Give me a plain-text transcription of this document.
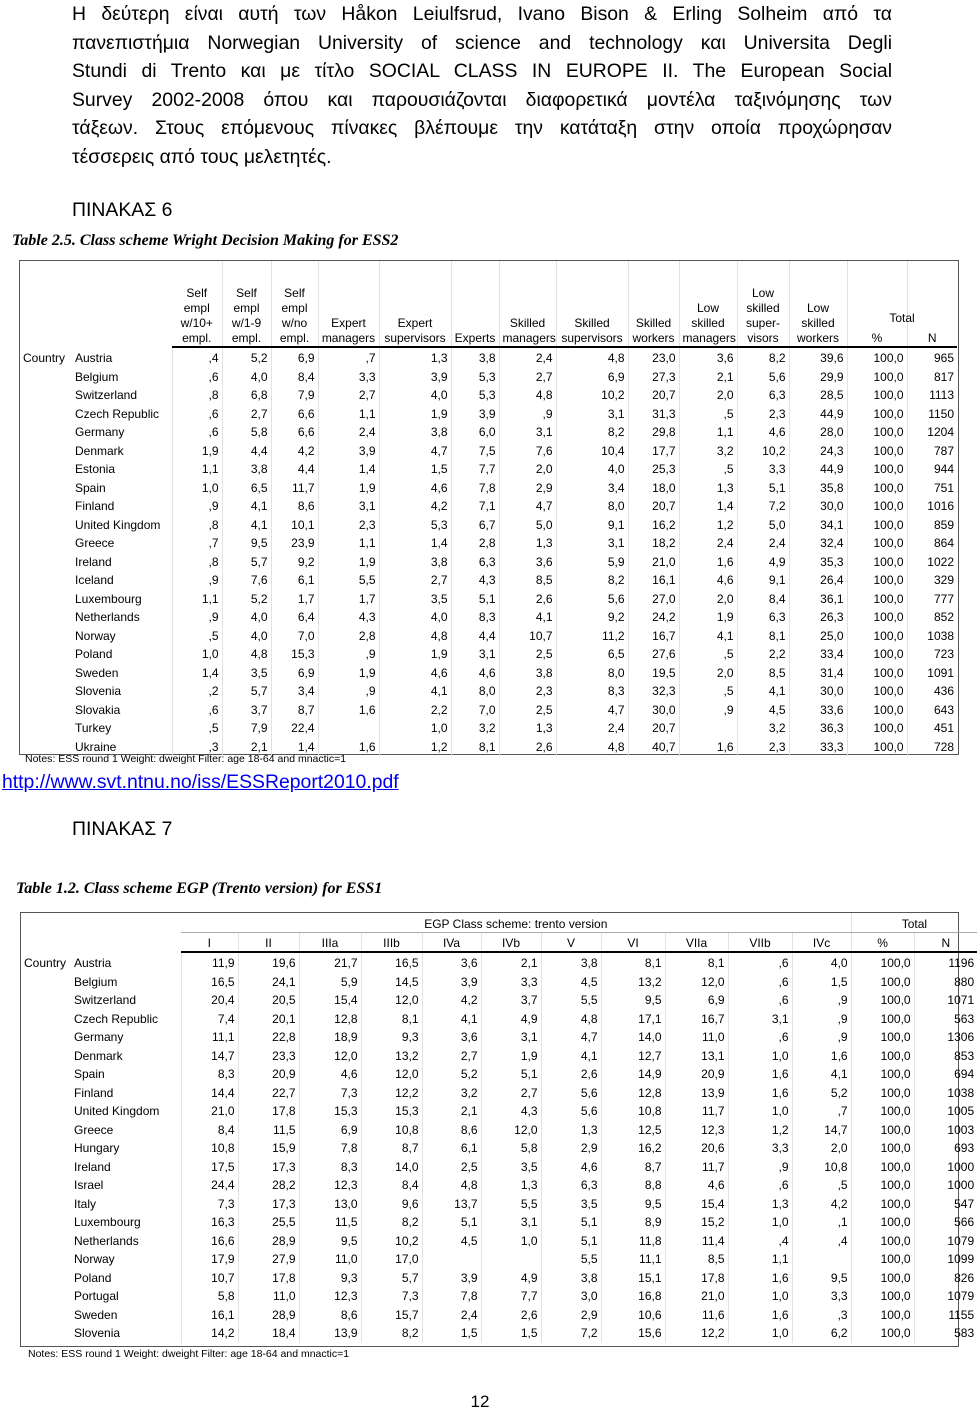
Η δεύτερη είναι αυτή των Håkon Leiulfsrud, Ivano Bison & Erling Solheim από τα
πανεπιστήμια Norwegian University of science and technology και Universita Degli
Stundi di Trento και με τίτλο SOCIAL CLASS IN EUROPE II. The European Social
Survey 2002-2008 όπου και παρουσιάζονται διαφορετικά μοντέλα ταξινόμησης των
τάξεων. Στους επόμενους πίνακες βλέπουμε την κατάταξη στην οποία προχώρησαν
τέσσερεις από τους μελετητές.
ΠΙΝΑΚΑΣ 6
Table 2.5. Class scheme Wright Decision Making for ESS2
		Self empl w/10+ empl.	Self empl w/1-9 empl.	Self empl w/no empl.	Expert managers	Expert supervisors	Experts	Skilled managers	Skilled supervisors	Skilled workers	Low skilled managers	Low skilled super- visors	Low skilled workers	%	N
Country	Austria	,4	5,2	6,9	,7	1,3	3,8	2,4	4,8	23,0	3,6	8,2	39,6	100,0	965
	Belgium	,6	4,0	8,4	3,3	3,9	5,3	2,7	6,9	27,3	2,1	5,6	29,9	100,0	817
	Switzerland	,8	6,8	7,9	2,7	4,0	5,3	4,8	10,2	20,7	2,0	6,3	28,5	100,0	1113
	Czech Republic	,6	2,7	6,6	1,1	1,9	3,9	,9	3,1	31,3	,5	2,3	44,9	100,0	1150
	Germany	,6	5,8	6,6	2,4	3,8	6,0	3,1	8,2	29,8	1,1	4,6	28,0	100,0	1204
	Denmark	1,9	4,4	4,2	3,9	4,7	7,5	7,6	10,4	17,7	3,2	10,2	24,3	100,0	787
	Estonia	1,1	3,8	4,4	1,4	1,5	7,7	2,0	4,0	25,3	,5	3,3	44,9	100,0	944
	Spain	1,0	6,5	11,7	1,9	4,6	7,8	2,9	3,4	18,0	1,3	5,1	35,8	100,0	751
	Finland	,9	4,1	8,6	3,1	4,2	7,1	4,7	8,0	20,7	1,4	7,2	30,0	100,0	1016
	United Kingdom	,8	4,1	10,1	2,3	5,3	6,7	5,0	9,1	16,2	1,2	5,0	34,1	100,0	859
	Greece	,7	9,5	23,9	1,1	1,4	2,8	1,3	3,1	18,2	2,4	2,4	32,4	100,0	864
	Ireland	,8	5,7	9,2	1,9	3,8	6,3	3,6	5,9	21,0	1,6	4,9	35,3	100,0	1022
	Iceland	,9	7,6	6,1	5,5	2,7	4,3	8,5	8,2	16,1	4,6	9,1	26,4	100,0	329
	Luxembourg	1,1	5,2	1,7	1,7	3,5	5,1	2,6	5,6	27,0	2,0	8,4	36,1	100,0	777
	Netherlands	,9	4,0	6,4	4,3	4,0	8,3	4,1	9,2	24,2	1,9	6,3	26,3	100,0	852
	Norway	,5	4,0	7,0	2,8	4,8	4,4	10,7	11,2	16,7	4,1	8,1	25,0	100,0	1038
	Poland	1,0	4,8	15,3	,9	1,9	3,1	2,5	6,5	27,6	,5	2,2	33,4	100,0	723
	Sweden	1,4	3,5	6,9	1,9	4,6	4,6	3,8	8,0	19,5	2,0	8,5	31,4	100,0	1091
	Slovenia	,2	5,7	3,4	,9	4,1	8,0	2,3	8,3	32,3	,5	4,1	30,0	100,0	436
	Slovakia	,6	3,7	8,7	1,6	2,2	7,0	2,5	4,7	30,0	,9	4,5	33,6	100,0	643
	Turkey	,5	7,9	22,4		1,0	3,2	1,3	2,4	20,7		3,2	36,3	100,0	451
	Ukraine	,3	2,1	1,4	1,6	1,2	8,1	2,6	4,8	40,7	1,6	2,3	33,3	100,0	728
Notes: ESS round 1 Weight: dweight Filter: age 18-64 and mnactic=1
http://www.svt.ntnu.no/iss/ESSReport2010.pdf
ΠΙΝΑΚΑΣ 7
Table 1.2. Class scheme EGP (Trento version) for ESS1
		EGP Class scheme: trento version											Total	
		I	II	IIIa	IIIb	IVa	IVb	V	VI	VIIa	VIIb	IVc	%	N
Country	Austria	11,9	19,6	21,7	16,5	3,6	2,1	3,8	8,1	8,1	,6	4,0	100,0	1196
	Belgium	16,5	24,1	5,9	14,5	3,9	3,3	4,5	13,2	12,0	,6	1,5	100,0	880
	Switzerland	20,4	20,5	15,4	12,0	4,2	3,7	5,5	9,5	6,9	,6	,9	100,0	1071
	Czech Republic	7,4	20,1	12,8	8,1	4,1	4,9	4,8	17,1	16,7	3,1	,9	100,0	563
	Germany	11,1	22,8	18,9	9,3	3,6	3,1	4,7	14,0	11,0	,6	,9	100,0	1306
	Denmark	14,7	23,3	12,0	13,2	2,7	1,9	4,1	12,7	13,1	1,0	1,6	100,0	853
	Spain	8,3	20,9	4,6	12,0	5,2	5,1	2,6	14,9	20,9	1,6	4,1	100,0	694
	Finland	14,4	22,7	7,3	12,2	3,2	2,7	5,6	12,8	13,9	1,6	5,2	100,0	1038
	United Kingdom	21,0	17,8	15,3	15,3	2,1	4,3	5,6	10,8	11,7	1,0	,7	100,0	1005
	Greece	8,4	11,5	6,9	10,8	8,6	12,0	1,3	12,5	12,3	1,2	14,7	100,0	1003
	Hungary	10,8	15,9	7,8	8,7	6,1	5,8	2,9	16,2	20,6	3,3	2,0	100,0	693
	Ireland	17,5	17,3	8,3	14,0	2,5	3,5	4,6	8,7	11,7	,9	10,8	100,0	1000
	Israel	24,4	28,2	12,3	8,4	4,8	1,3	6,3	8,8	4,6	,6	,5	100,0	1000
	Italy	7,3	17,3	13,0	9,6	13,7	5,5	3,5	9,5	15,4	1,3	4,2	100,0	547
	Luxembourg	16,3	25,5	11,5	8,2	5,1	3,1	5,1	8,9	15,2	1,0	,1	100,0	566
	Netherlands	16,6	28,9	9,5	10,2	4,5	1,0	5,1	11,8	11,4	,4	,4	100,0	1079
	Norway	17,9	27,9	11,0	17,0			5,5	11,1	8,5	1,1		100,0	1099
	Poland	10,7	17,8	9,3	5,7	3,9	4,9	3,8	15,1	17,8	1,6	9,5	100,0	826
	Portugal	5,8	11,0	12,3	7,3	7,8	7,7	3,0	16,8	21,0	1,0	3,3	100,0	1079
	Sweden	16,1	28,9	8,6	15,7	2,4	2,6	2,9	10,6	11,6	1,6	,3	100,0	1155
	Slovenia	14,2	18,4	13,9	8,2	1,5	1,5	7,2	15,6	12,2	1,0	6,2	100,0	583
Notes: ESS round 1 Weight: dweight Filter: age 18-64 and mnactic=1
12
Total
